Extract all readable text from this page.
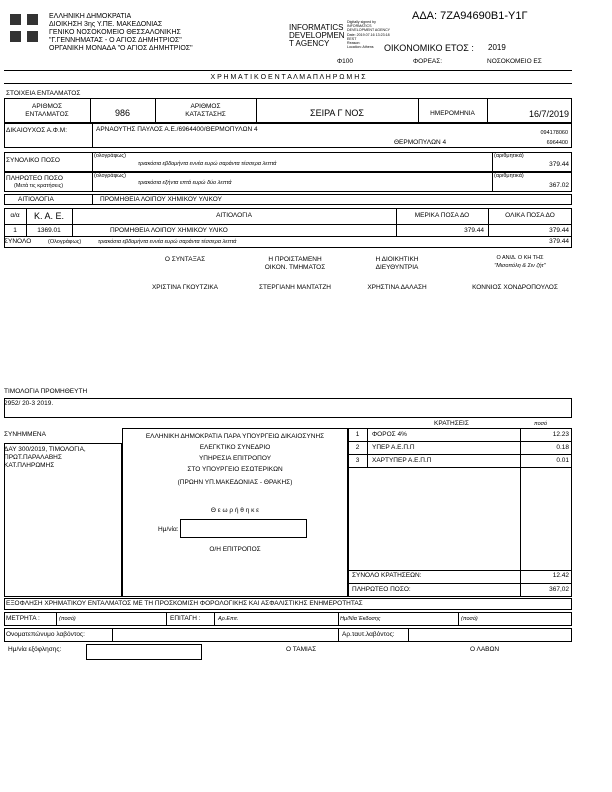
ΕΛΛΗΝΙΚΗ ΔΗΜΟΚΡΑΤΙΑ
ΔΙΟΙΚΗΣΗ 3ης Υ.ΠΕ. ΜΑΚΕΔΟΝΙΑΣ
ΓΕΝΙΚΟ ΝΟΣΟΚΟΜΕΙΟ ΘΕΣΣΑΛΟΝΙΚΗΣ
"Γ.ΓΕΝΝΗΜΑΤΑΣ - Ο ΑΓΙΟΣ ΔΗΜΗΤΡΙΟΣ"
ΟΡΓΑΝΙΚΗ ΜΟΝΑΔΑ "Ο ΑΓΙΟΣ ΔΗΜΗΤΡΙΟΣ"
INFORMATICS
DEVELOPMEN
T AGENCY
Digitally signed by
INFORMATICS
DEVELOPMENT AGENCY
Date: 2019.07.16 13:23:18
EEST
Reason:
Location: Athens
ΑΔΑ: 7ΖΑ94690Β1-Υ1Γ
ΟΙΚΟΝΟΜΙΚΟ ΕΤΟΣ : 2019
Φ100	ΦΟΡΕΑΣ:	ΝΟΣΟΚΟΜΕΙΟ ΕΣ
Χ Ρ Η Μ Α Τ Ι Κ Ο Ε Ν Τ Α Λ Μ Α Π Λ Η Ρ Ω Μ Η Σ
ΣΤΟΙΧΕΙΑ ΕΝΤΑΛΜΑΤΟΣ
ΑΡΙΘΜΟΣ
ΕΝΤΑΛΜΑΤΟΣ	986
ΑΡΙΘΜΟΣ
ΚΑΤΑΣΤΑΣΗΣ	ΣΕΙΡΑ Γ ΝΟΣ	ΗΜΕΡΟΜΗΝΙΑ	16/7/2019
ΔΙΚΑΙΟΥΧΟΣ Α.Φ.Μ:	ΑΡΝΑΟΥΤΗΣ ΠΑΥΛΟΣ Α.Ε./6964400/ΘΕΡΜΟΠΥΛΩΝ 4	094178060
ΘΕΡΜΟΠΥΛΩΝ 4	6964400
ΣΥΝΟΛΙΚΟ ΠΟΣΟ
(ολογράφως)
τριακόσια εβδομήντα εννέα ευρώ σαράντα τέσσερα λεπτά
(αριθμητικά)
379.44
ΠΛΗΡΩΤΕΟ ΠΟΣΟ
(Μετά τις κρατήσεις)
(ολογράφως)
τριακόσια εξήντα επτά ευρώ δύο λεπτά
(αριθμητικά)
367.02
ΑΙΤΙΟΛΟΓΙΑ	ΠΡΟΜΗΘΕΙΑ ΛΟΙΠΟΥ ΧΗΜΙΚΟΥ ΥΛΙΚΟΥ
α/α	Κ. Α. Ε.	ΑΙΤΙΟΛΟΓΙΑ	ΜΕΡΙΚΑ ΠΟΣΑ ΔΟ	ΟΛΙΚΑ ΠΟΣΑ ΔΟ
1	1369.01	ΠΡΟΜΗΘΕΙΑ ΛΟΙΠΟΥ ΧΗΜΙΚΟΥ ΥΛΙΚΟ	379.44	379.44
ΣΥΝΟΛΟ	(Ολογράφως)	τριακόσια εβδομήντα εννέα ευρώ σαράντα τέσσερα λεπτά	379.44
Ο ΣΥΝΤΑΞΑΣ	Η ΠΡΟΙΣΤΑΜΕΝΗ
ΟΙΚΟΝ. ΤΜΗΜΑΤΟΣ
Η ΔΙΟΙΚΗΤΙΚΗ
ΔΙΕΥΘΥΝΤΡΙΑ
Ο ΑΝ/Δ. Ο ΚΗ ΤΗΣ
"Μισοπόλη & Σιν ζήτ"
ΧΡΙΣΤΙΝΑ ΓΚΟΥΤΖΙΚΑ	ΣΤΕΡΓΙΑΝΗ ΜΑΝΤΑΤΖΗ	ΧΡΗΣΤΙΝΑ ΔΑΛΑΣΗ	ΚΟΝΝΙΟΣ ΧΟΝΔΡΟΠΟΥΛΟΣ
ΤΙΜΟΛΟΓΙΑ ΠΡΟΜΗΘΕΥΤΗ
2952/ 20-3 2019.
ΚΡΑΤΗΣΕΙΣ	ποσό
ΣΥΝΗΜΜΕΝΑ
ΔΑΥ 300/2019, ΤΙΜΟΛΟΓΙΑ,
ΠΡΩΤ.ΠΑΡΑΛΑΒΗΣ
ΚΑΤ.ΠΛΗΡΩΜΗΣ
ΕΛΛΗΝΙΚΗ ΔΗΜΟΚΡΑΤΙΑ ΠΑΡΑ ΥΠΟΥΡΓΕΙΩ ΔΙΚΑΙΟΣΥΝΗΣ
ΕΛΕΓΚΤΙΚΟ ΣΥΝΕΔΡΙΟ
ΥΠΗΡΕΣΙΑ ΕΠΙΤΡΟΠΟΥ
ΣΤΟ ΥΠΟΥΡΓΕΙΟ ΕΣΩΤΕΡΙΚΩΝ
(ΠΡΩΗΝ ΥΠ.ΜΑΚΕΔΟΝΙΑΣ - ΘΡΑΚΗΣ)
Θ ε ω ρ ή θ η κ ε
Ημ/νία:
Ο/Η ΕΠΙΤΡΟΠΟΣ
1	ΦΟΡΟΣ 4%	12.23
2	ΥΠΕΡ Α.Ε.Π.Π	0.18
3	ΧΑΡΤΥΠΕΡ Α.Ε.Π.Π	0.01
ΣΥΝΟΛΟ ΚΡΑΤΗΣΕΩΝ:	12.42
ΠΛΗΡΩΤΕΟ ΠΟΣΟ:	367,02
ΕΞΟΦΛΗΣΗ ΧΡΗΜΑΤΙΚΟΥ ΕΝΤΑΛΜΑΤΟΣ ΜΕ ΤΗ ΠΡΟΣΚΟΜΙΣΗ ΦΟΡΟΛΟΓΙΚΗΣ ΚΑΙ ΑΣΦΑΛΙΣΤΙΚΗΣ ΕΝΗΜΕΡΟΤΗΤΑΣ
ΜΕΤΡΗΤΑ :	(ποσό)	ΕΠΙΤΑΓΗ :	Αρ.Επιτ.	Ημ/Νία Έκδοσης	(ποσό)
Ονοματεπώνυμο λαβόντος:	Αρ.ταυτ.λαβόντος:
Ημ/νία εξόφλησης:	Ο ΤΑΜΙΑΣ	Ο ΛΑΒΩΝ
